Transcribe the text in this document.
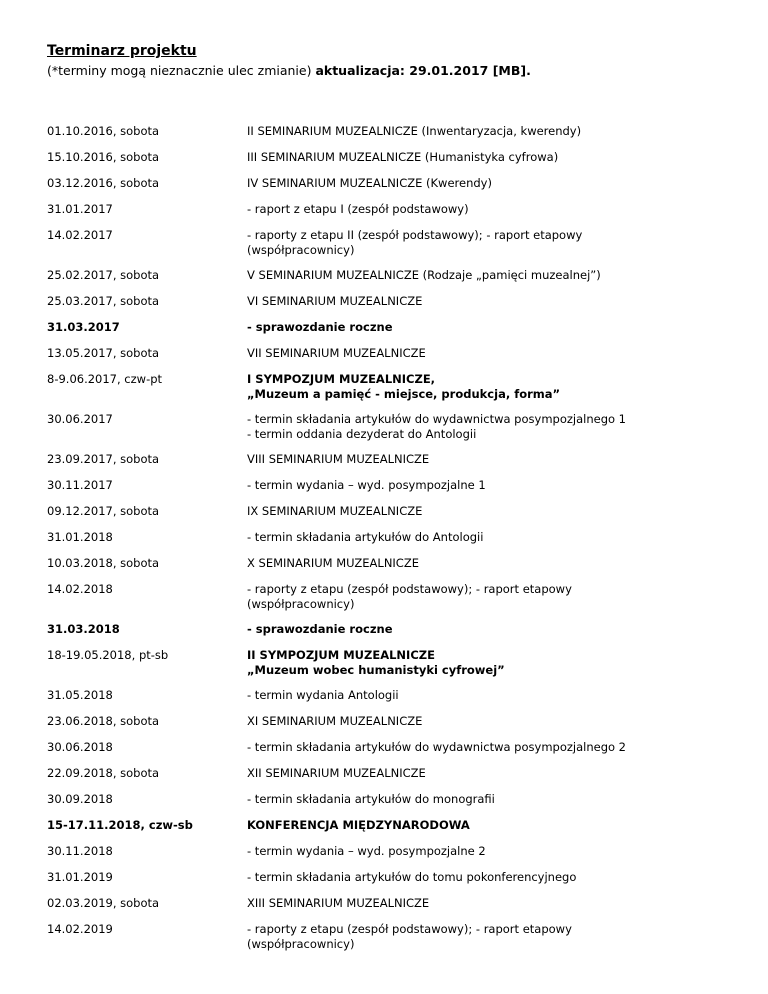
Terminarz projektu
(*terminy mogą nieznacznie ulec zmianie) aktualizacja: 29.01.2017 [MB].
01.10.2016, sobota	II SEMINARIUM MUZEALNICZE (Inwentaryzacja, kwerendy)
15.10.2016, sobota	III SEMINARIUM MUZEALNICZE (Humanistyka cyfrowa)
03.12.2016, sobota	IV SEMINARIUM MUZEALNICZE (Kwerendy)
31.01.2017	- raport z etapu I (zespół podstawowy)
14.02.2017	- raporty z etapu II (zespół podstawowy); - raport etapowy
(współpracownicy)
25.02.2017, sobota	V SEMINARIUM MUZEALNICZE (Rodzaje „pamięci muzealnej”)
25.03.2017, sobota	VI SEMINARIUM MUZEALNICZE
31.03.2017	- sprawozdanie roczne
13.05.2017, sobota	VII SEMINARIUM MUZEALNICZE
8-9.06.2017, czw-pt	I SYMPOZJUM MUZEALNICZE,
„Muzeum a pamięć - miejsce, produkcja, forma”
30.06.2017	- termin składania artykułów do wydawnictwa posympozjalnego 1
- termin oddania dezyderat do Antologii
23.09.2017, sobota	VIII SEMINARIUM MUZEALNICZE
30.11.2017	- termin wydania – wyd. posympozjalne 1
09.12.2017, sobota	IX SEMINARIUM MUZEALNICZE
31.01.2018	- termin składania artykułów do Antologii
10.03.2018, sobota	X SEMINARIUM MUZEALNICZE
14.02.2018	- raporty z etapu (zespół podstawowy); - raport etapowy
(współpracownicy)
31.03.2018	- sprawozdanie roczne
18-19.05.2018, pt-sb	II SYMPOZJUM MUZEALNICZE
„Muzeum wobec humanistyki cyfrowej”
31.05.2018	- termin wydania Antologii
23.06.2018, sobota	XI SEMINARIUM MUZEALNICZE
30.06.2018	- termin składania artykułów do wydawnictwa posympozjalnego 2
22.09.2018, sobota	XII SEMINARIUM MUZEALNICZE
30.09.2018	- termin składania artykułów do monografii
15-17.11.2018, czw-sb	KONFERENCJA MIĘDZYNARODOWA
30.11.2018	- termin wydania – wyd. posympozjalne 2
31.01.2019	- termin składania artykułów do tomu pokonferencyjnego
02.03.2019, sobota	XIII SEMINARIUM MUZEALNICZE
14.02.2019	- raporty z etapu (zespół podstawowy); - raport etapowy
(współpracownicy)
